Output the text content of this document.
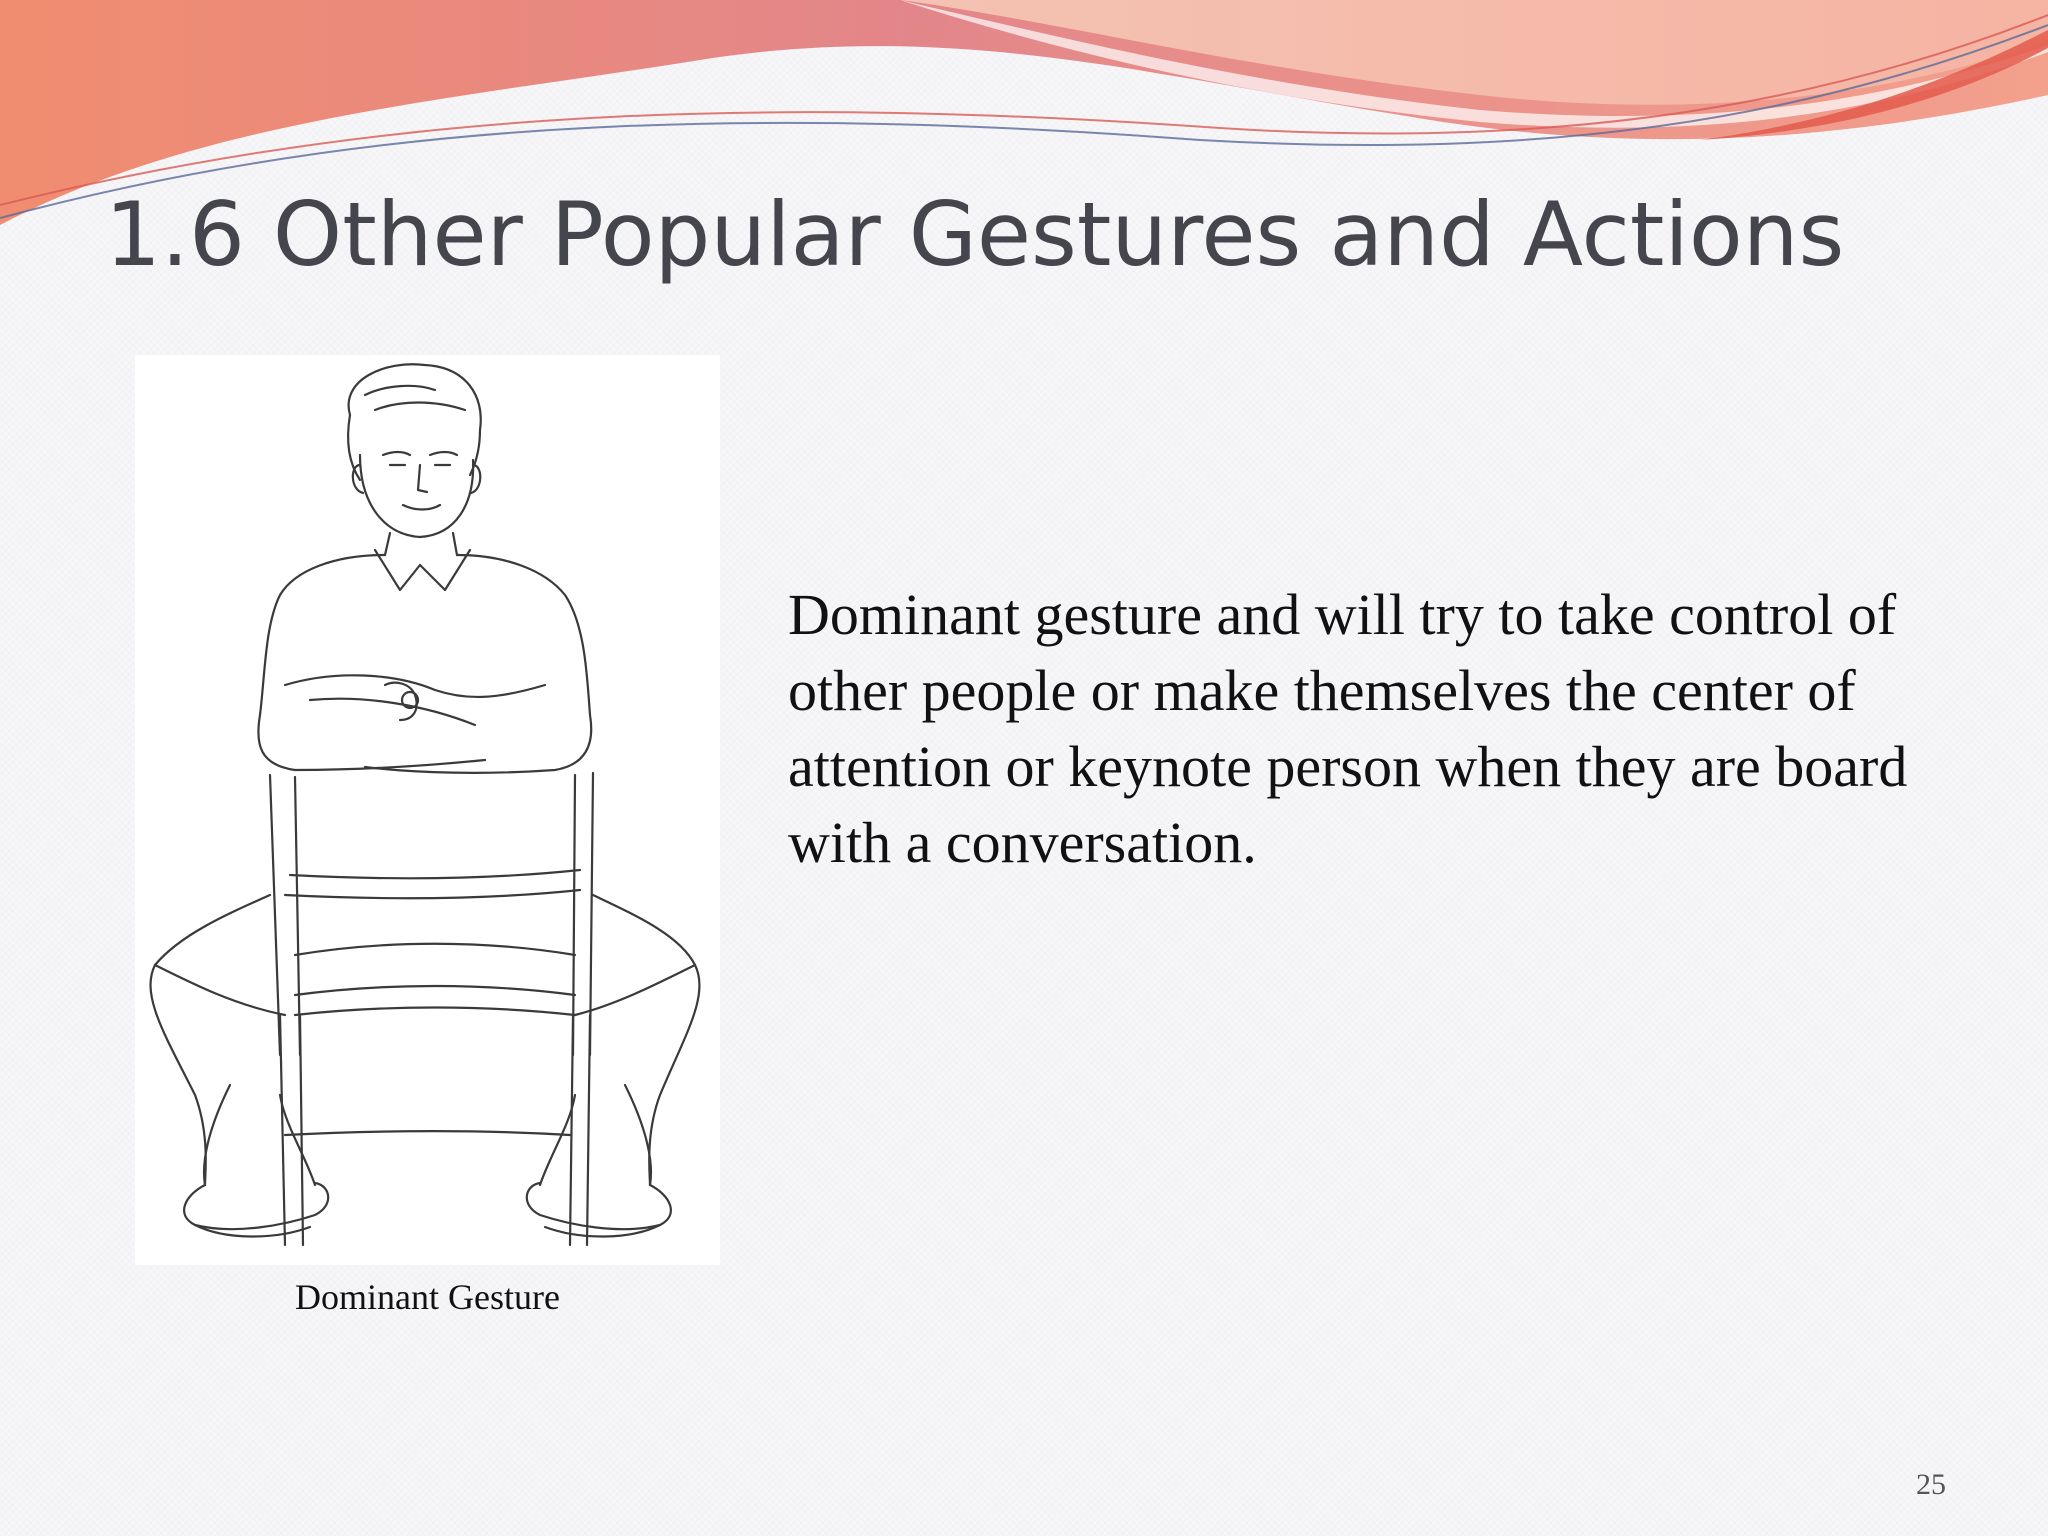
1.6 Other Popular Gestures and Actions
Dominant Gesture

Dominant gesture and will try to take control of other people or make themselves the center of attention or keynote person when they are board with a conversation.

25
